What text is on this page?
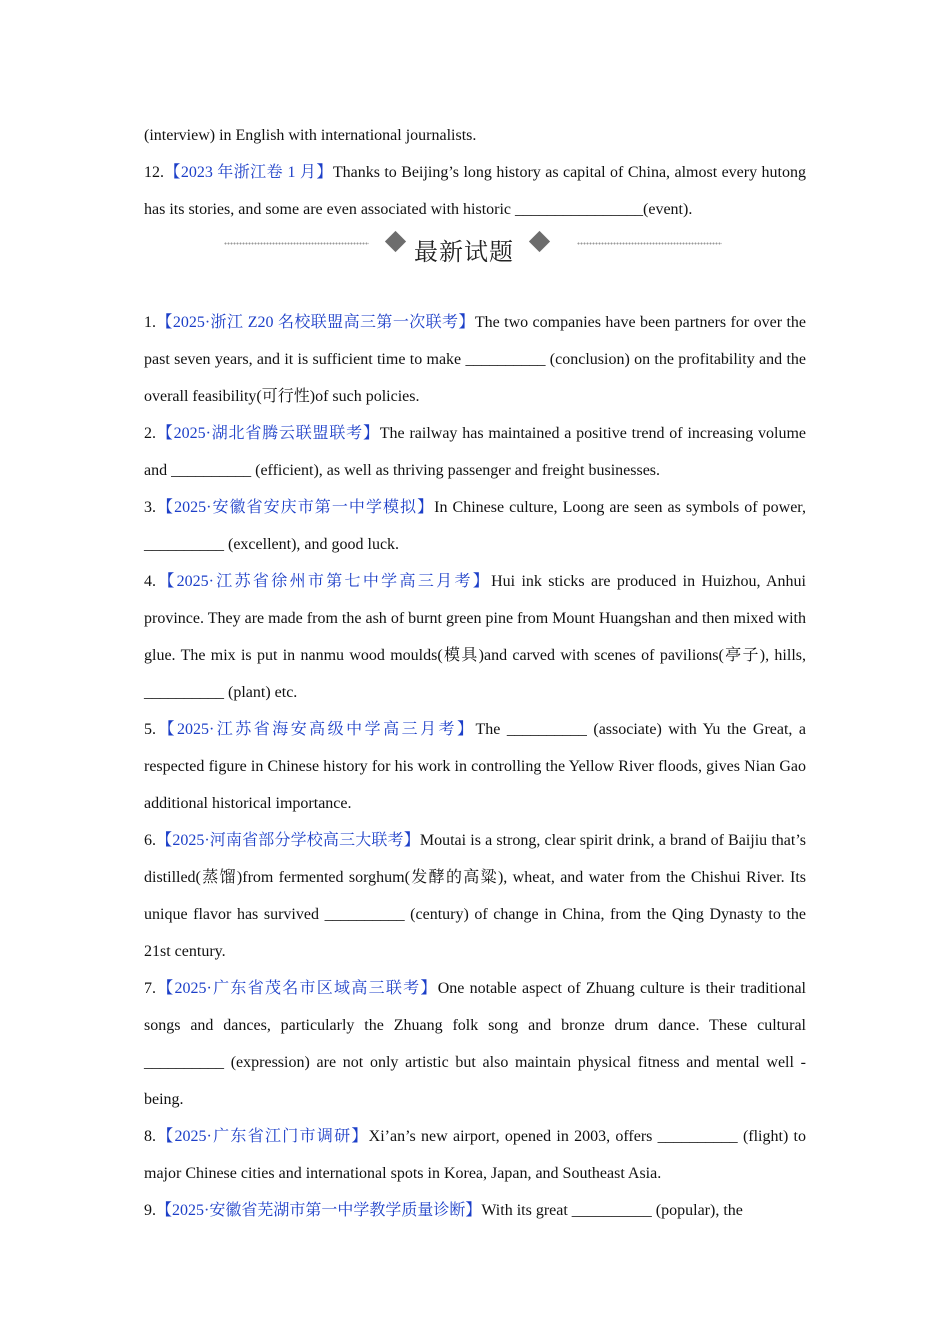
(interview) in English with international journalists.

12.【2023 年浙江卷 1 月】Thanks to Beijing’s long history as capital of China, almost every hutong has its stories, and some are even associated with historic ________________(event).

最新试题

1.【2025·浙江 Z20 名校联盟高三第一次联考】The two companies have been partners for over the past seven years, and it is sufficient time to make __________ (conclusion) on the profitability and the overall feasibility(可行性)of such policies.

2.【2025·湖北省腾云联盟联考】The railway has maintained a positive trend of increasing volume and __________ (efficient), as well as thriving passenger and freight businesses.

3.【2025·安徽省安庆市第一中学模拟】In Chinese culture, Loong are seen as symbols of power, __________ (excellent), and good luck.

4.【2025·江苏省徐州市第七中学高三月考】Hui ink sticks are produced in Huizhou, Anhui province. They are made from the ash of burnt green pine from Mount Huangshan and then mixed with glue. The mix is put in nanmu wood moulds(模具)and carved with scenes of pavilions(亭子), hills, __________ (plant) etc.

5.【2025·江苏省海安高级中学高三月考】The __________ (associate) with Yu the Great, a respected figure in Chinese history for his work in controlling the Yellow River floods, gives Nian Gao additional historical importance.

6.【2025·河南省部分学校高三大联考】Moutai is a strong, clear spirit drink, a brand of Baijiu that’s distilled(蒸馏)from fermented sorghum(发酵的高粱), wheat, and water from the Chishui River. Its unique flavor has survived __________ (century) of change in China, from the Qing Dynasty to the 21st century.

7.【2025·广东省茂名市区域高三联考】One notable aspect of Zhuang culture is their traditional songs and dances, particularly the Zhuang folk song and bronze drum dance. These cultural __________ (expression) are not only artistic but also maintain physical fitness and mental well - being.

8.【2025·广东省江门市调研】Xi’an’s new airport, opened in 2003, offers __________ (flight) to major Chinese cities and international spots in Korea, Japan, and Southeast Asia.

9.【2025·安徽省芜湖市第一中学教学质量诊断】With its great __________ (popular), the
